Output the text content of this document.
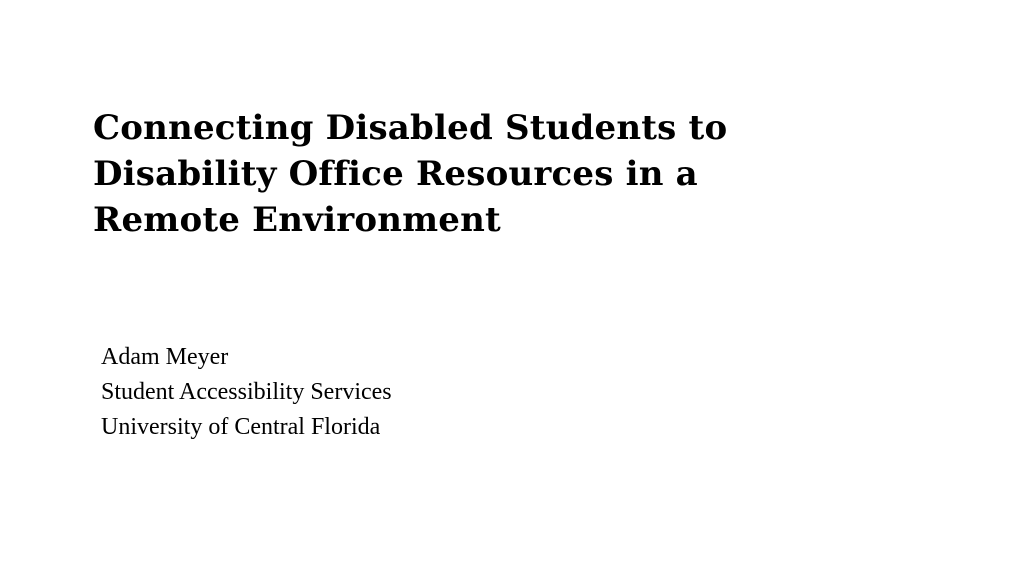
Connecting Disabled Students to
Disability Office Resources in a
Remote Environment
Adam Meyer
Student Accessibility Services
University of Central Florida
